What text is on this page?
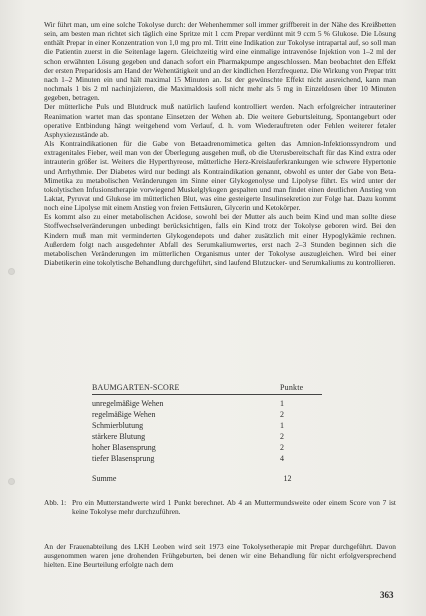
Wir führt man, um eine solche Tokolyse durch: der Wehenhemmer soll immer griffbereit in der Nähe des Kreißbetten sein, am besten man richtet sich täglich eine Spritze mit 1 ccm Prepar verdünnt mit 9 ccm 5 % Glukose. Die Lösung enthält Prepar in einer Konzentration von 1,0 mg pro ml. Tritt eine Indikation zur Tokolyse intrapartal auf, so soll man die Patientin zuerst in die Seitenlage lagern. Gleichzeitig wird eine einmalige intravenöse Injektion von 1–2 ml der schon erwähnten Lösung gegeben und danach sofort ein Pharmakpumpe angeschlossen. Man beobachtet den Effekt der ersten Preparidosis am Hand der Wehentätigkeit und an der kindlichen Herzfrequenz. Die Wirkung von Prepar tritt nach 1–2 Minuten ein und hält maximal 15 Minuten an. Ist der gewünschte Effekt nicht ausreichend, kann man nochmals 1 bis 2 ml nachinjizieren, die Maximaldosis soll nicht mehr als 5 mg in Einzeldosen über 10 Minuten gegeben, betragen.

Der mütterliche Puls und Blutdruck muß natürlich laufend kontrolliert werden. Nach erfolgreicher intrauteriner Reanimation wartet man das spontane Einsetzen der Wehen ab. Die weitere Geburtsleitung, Spontangeburt oder operative Entbindung hängt weitgehend vom Verlauf, d. h. vom Wiederauftreten oder Fehlen weiterer fetaler Asphyxiezustände ab.

Als Kontraindikationen für die Gabe von Betaadrenomimetica gelten das Amnion-Infektionssyndrom und extragenitales Fieber, weil man von der Überlegung ausgehen muß, ob die Uterusbereitschaft für das Kind extra oder intrauterin größer ist. Weiters die Hyperthyreose, mütterliche Herz-Kreislauferkrankungen wie schwere Hypertonie und Arrhythmie. Der Diabetes wird nur bedingt als Kontraindikation genannt, obwohl es unter der Gabe von Beta-Mimetika zu metabolischen Veränderungen im Sinne einer Glykogenolyse und Lipolyse führt. Es wird unter der tokolytischen Infusionstherapie vorwiegend Muskelglykogen gespalten und man findet einen deutlichen Anstieg von Laktat, Pyruvat und Glukose im mütterlichen Blut, was eine gesteigerte Insulinsekretion zur Folge hat. Dazu kommt noch eine Lipolyse mit einem Anstieg von freien Fettsäuren, Glycerin und Ketokörper.

Es kommt also zu einer metabolischen Acidose, sowohl bei der Mutter als auch beim Kind und man sollte diese Stoffwechselveränderungen unbedingt berücksichtigen, falls ein Kind trotz der Tokolyse geboren wird. Bei den Kindern muß man mit verminderten Glykogendepots und daher zusätzlich mit einer Hypoglykämie rechnen. Außerdem folgt nach ausgedehnter Abfall des Serumkaliumwertes, erst nach 2–3 Stunden beginnen sich die metabolischen Veränderungen im mütterlichen Organismus unter der Tokolyse auszugleichen. Wird bei einer Diabetikerin eine tokolytische Behandlung durchgeführt, sind laufend Blutzucker- und Serumkaliums zu kontrollieren.

BAUMGARTEN-SCORE	Punkte
unregelmäßige Wehen	1
regelmäßige Wehen	2
Schmierblutung	1
stärkere Blutung	2
hoher Blasensprung	2
tiefer Blasensprung	4
Summe	12
Abb. 1: Pro ein Mutterstandwerte wird 1 Punkt berechnet. Ab 4 an Muttermundsweite oder einem Score von 7 ist keine Tokolyse mehr durchzuführen.
An der Frauenabteilung des LKH Leoben wird seit 1973 eine Tokolysetherapie mit Prepar durchgeführt. Davon ausgenommen waren jene drohenden Frühgeburten, bei denen wir eine Behandlung für nicht erfolgversprechend hielten. Eine Beurteilung erfolgte nach dem
363
